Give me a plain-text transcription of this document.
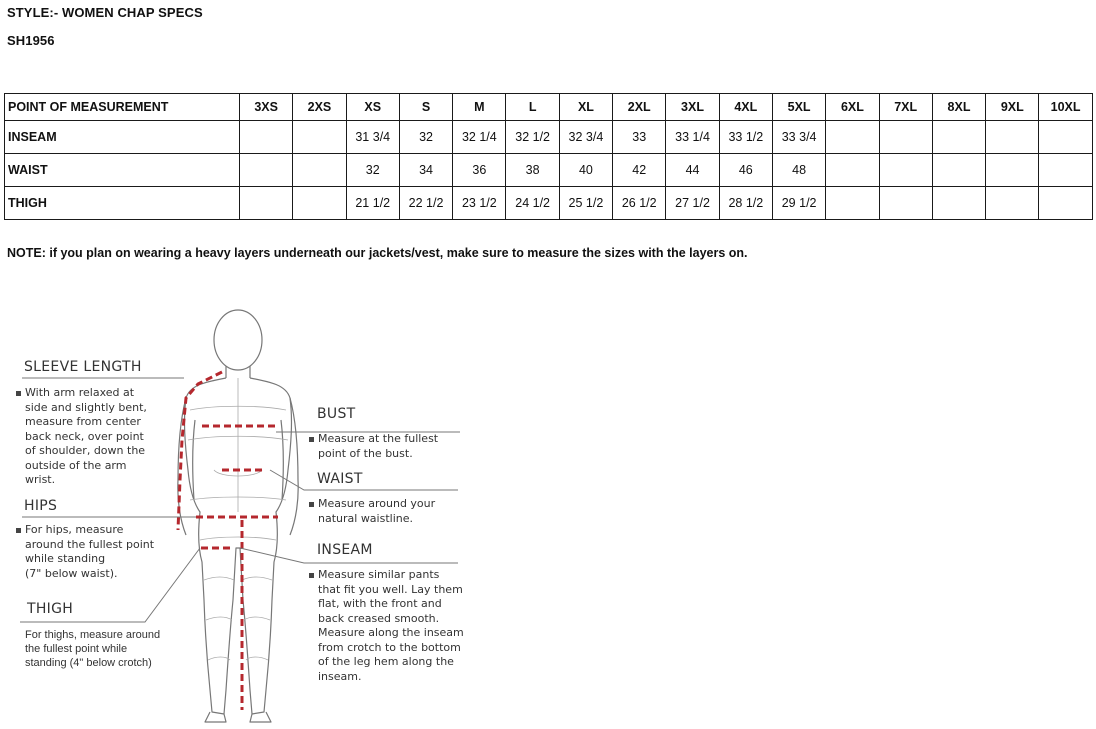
STYLE:- WOMEN CHAP SPECS
SH1956
POINT OF MEASUREMENT	3XS	2XS	XS	S	M	L	XL	2XL	3XL	4XL	5XL	6XL	7XL	8XL	9XL	10XL
INSEAM			31 3/4	32	32 1/4	32 1/2	32 3/4	33	33 1/4	33 1/2	33 3/4					
WAIST			32	34	36	38	40	42	44	46	48					
THIGH			21 1/2	22 1/2	23 1/2	24 1/2	25 1/2	26 1/2	27 1/2	28 1/2	29 1/2					
NOTE: if you plan on wearing a heavy layers underneath our jackets/vest, make sure to measure the sizes with the layers on.
SLEEVE LENGTH
With arm relaxed at
side and slightly bent,
measure from center
back neck, over point
of shoulder, down the
outside of the arm
wrist.
HIPS
For hips, measure
around the fullest point
while standing
(7" below waist).
THIGH
For thighs, measure around
the fullest point while
standing (4" below crotch)
BUST
Measure at the fullest
point of the bust.
WAIST
Measure around your
natural waistline.
INSEAM
Measure similar pants
that fit you well. Lay them
flat, with the front and
back creased smooth.
Measure along the inseam
from crotch to the bottom
of the leg hem along the
inseam.
